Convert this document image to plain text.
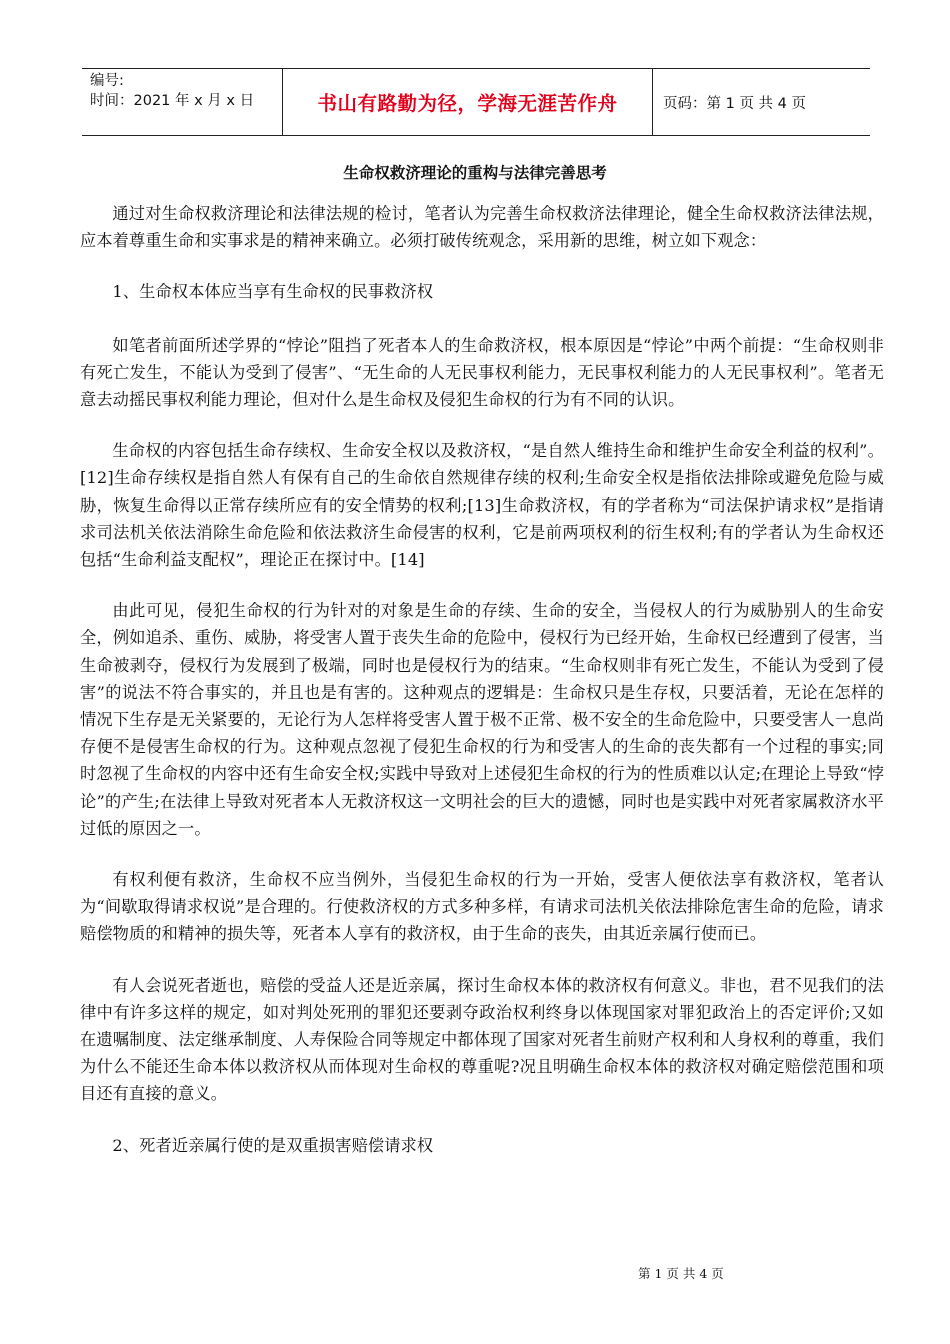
编号:
时间：2021 年 x 月 x 日	书山有路勤为径，学海无涯苦作舟	页码：第 1 页 共 4 页
生命权救济理论的重构与法律完善思考

通过对生命权救济理论和法律法规的检讨，笔者认为完善生命权救济法律理论，健全生命权救济法律法规，应本着尊重生命和实事求是的精神来确立。必须打破传统观念，采用新的思维，树立如下观念：

1、生命权本体应当享有生命权的民事救济权

如笔者前面所述学界的“悖论”阻挡了死者本人的生命救济权，根本原因是“悖论”中两个前提：“生命权则非有死亡发生，不能认为受到了侵害”、“无生命的人无民事权利能力，无民事权利能力的人无民事权利”。笔者无意去动摇民事权利能力理论，但对什么是生命权及侵犯生命权的行为有不同的认识。

生命权的内容包括生命存续权、生命安全权以及救济权，“是自然人维持生命和维护生命安全利益的权利”。[12]生命存续权是指自然人有保有自己的生命依自然规律存续的权利;生命安全权是指依法排除或避免危险与威胁，恢复生命得以正常存续所应有的安全情势的权利;[13]生命救济权，有的学者称为“司法保护请求权”是指请求司法机关依法消除生命危险和依法救济生命侵害的权利，它是前两项权利的衍生权利;有的学者认为生命权还包括“生命利益支配权”，理论正在探讨中。[14]

由此可见，侵犯生命权的行为针对的对象是生命的存续、生命的安全，当侵权人的行为威胁别人的生命安全，例如追杀、重伤、威胁，将受害人置于丧失生命的危险中，侵权行为已经开始，生命权已经遭到了侵害，当生命被剥夺，侵权行为发展到了极端，同时也是侵权行为的结束。“生命权则非有死亡发生，不能认为受到了侵害”的说法不符合事实的，并且也是有害的。这种观点的逻辑是：生命权只是生存权，只要活着，无论在怎样的情况下生存是无关紧要的，无论行为人怎样将受害人置于极不正常、极不安全的生命危险中，只要受害人一息尚存便不是侵害生命权的行为。这种观点忽视了侵犯生命权的行为和受害人的生命的丧失都有一个过程的事实;同时忽视了生命权的内容中还有生命安全权;实践中导致对上述侵犯生命权的行为的性质难以认定;在理论上导致“悖论”的产生;在法律上导致对死者本人无救济权这一文明社会的巨大的遗憾，同时也是实践中对死者家属救济水平过低的原因之一。

有权利便有救济，生命权不应当例外，当侵犯生命权的行为一开始，受害人便依法享有救济权，笔者认为“间歇取得请求权说”是合理的。行使救济权的方式多种多样，有请求司法机关依法排除危害生命的危险，请求赔偿物质的和精神的损失等，死者本人享有的救济权，由于生命的丧失，由其近亲属行使而已。

有人会说死者逝也，赔偿的受益人还是近亲属，探讨生命权本体的救济权有何意义。非也，君不见我们的法律中有许多这样的规定，如对判处死刑的罪犯还要剥夺政治权利终身以体现国家对罪犯政治上的否定评价;又如在遗嘱制度、法定继承制度、人寿保险合同等规定中都体现了国家对死者生前财产权利和人身权利的尊重，我们为什么不能还生命本体以救济权从而体现对生命权的尊重呢?况且明确生命权本体的救济权对确定赔偿范围和项目还有直接的意义。

2、死者近亲属行使的是双重损害赔偿请求权

第 1 页 共 4 页
